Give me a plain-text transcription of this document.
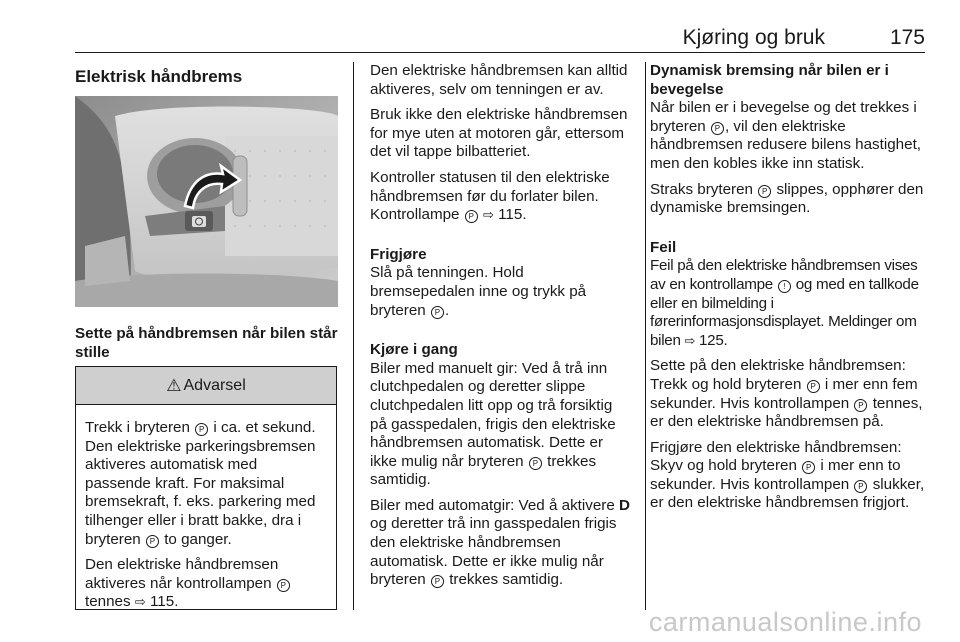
Kjøring og bruk	175
Elektrisk håndbrems
Sette på håndbremsen når bilen står stille
⚠ Advarsel

Trekk i bryteren P i ca. et sekund. Den elektriske parkeringsbremsen aktiveres automatisk med passende kraft. For maksimal bremsekraft, f. eks. parkering med tilhenger eller i bratt bakke, dra i bryteren P to ganger.

Den elektriske håndbremsen aktiveres når kontrollampen P tennes ⇨ 115.

Den elektriske håndbremsen kan alltid aktiveres, selv om tenningen er av.

Bruk ikke den elektriske håndbremsen for mye uten at motoren går, ettersom det vil tappe bilbatteriet.

Kontroller statusen til den elektriske håndbremsen før du forlater bilen. Kontrollampe P ⇨ 115.

Frigjøre

Slå på tenningen. Hold bremsepedalen inne og trykk på bryteren P .

Kjøre i gang

Biler med manuelt gir: Ved å trå inn clutchpedalen og deretter slippe clutchpedalen litt opp og trå forsiktig på gasspedalen, frigis den elektriske håndbremsen automatisk. Dette er ikke mulig når bryteren P trekkes samtidig.

Biler med automatgir: Ved å aktivere D og deretter trå inn gasspedalen frigis den elektriske håndbremsen automatisk. Dette er ikke mulig når bryteren P trekkes samtidig.

Dynamisk bremsing når bilen er i bevegelse

Når bilen er i bevegelse og det trekkes i bryteren P , vil den elektriske håndbremsen redusere bilens hastighet, men den kobles ikke inn statisk.

Straks bryteren P slippes, opphører den dynamiske bremsingen.

Feil

Feil på den elektriske håndbremsen vises av en kontrollampe ! og med en tallkode eller en bilmelding i førerinformasjonsdisplayet. Meldinger om bilen ⇨ 125.

Sette på den elektriske håndbremsen: Trekk og hold bryteren P i mer enn fem sekunder. Hvis kontrollampen P tennes, er den elektriske håndbremsen på.

Frigjøre den elektriske håndbremsen: Skyv og hold bryteren P i mer enn to sekunder. Hvis kontrollampen P slukker, er den elektriske håndbremsen frigjort.

carmanualsonline.info
